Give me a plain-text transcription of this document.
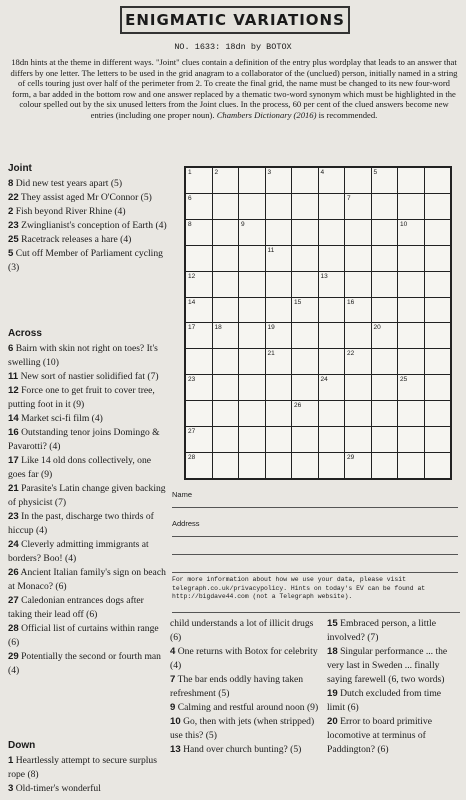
ENIGMATIC VARIATIONS
NO. 1633: 18dn by BOTOX
18dn hints at the theme in different ways. "Joint" clues contain a definition of the entry plus wordplay that leads to an answer that differs by one letter. The letters to be used in the grid anagram to a collaborator of the (unclued) person, initially named in a string of cells touring just over half of the perimeter from 2. To create the final grid, the name must be changed to its new four-word form, a bar added in the bottom row and one answer replaced by a thematic two-word synonym which must be highlighted in the colour spelled out by the six unused letters from the Joint clues. In the process, 60 per cent of the clued answers become new entries (including one proper noun). Chambers Dictionary (2016) is recommended.
Joint
8 Did new test years apart (5)
22 They assist aged Mr O'Connor (5)
2 Fish beyond River Rhine (4)
23 Zwinglianist's conception of Earth (4)
25 Racetrack releases a hare (4)
5 Cut off Member of Parliament cycling (3)
Across
6 Bairn with skin not right on toes? It's swelling (10)
11 New sort of nastier solidified fat (7)
12 Force one to get fruit to cover tree, putting foot in it (9)
14 Market sci-fi film (4)
16 Outstanding tenor joins Domingo & Pavarotti? (4)
17 Like 14 old dons collectively, one goes far (9)
21 Parasite's Latin change given backing of physicist (7)
23 In the past, discharge two thirds of hiccup (4)
24 Cleverly admitting immigrants at borders? Boo! (4)
26 Ancient Italian family's sign on beach at Monaco? (6)
27 Caledonian entrances dogs after taking their lead off (6)
28 Official list of curtains within range (6)
29 Potentially the second or fourth man (4)
Down
1 Heartlessly attempt to secure surplus rope (8)
3 Old-timer's wonderful
child understands a lot of illicit drugs (6)
4 One returns with Botox for celebrity (4)
7 The bar ends oddly having taken refreshment (5)
9 Calming and restful around noon (9)
10 Go, then with jets (when stripped) use this? (5)
13 Hand over church bunting? (5)
15 Embraced person, a little involved? (7)
18 Singular performance ... the very last in Sweden ... finally saying farewell (6, two words)
19 Dutch excluded from time limit (6)
20 Error to board primitive locomotive at terminus of Paddington? (6)
1	2	3	4	5
6	7
8	9	10
11
12	13
14	15	16
17	18	19	20
21	22
23	24	25
26
27
28	29
Name
Address
For more information about how we use your data, please visit telegraph.co.uk/privacypolicy. Hints on today's EV can be found at http://bigdave44.com (not a Telegraph website).
